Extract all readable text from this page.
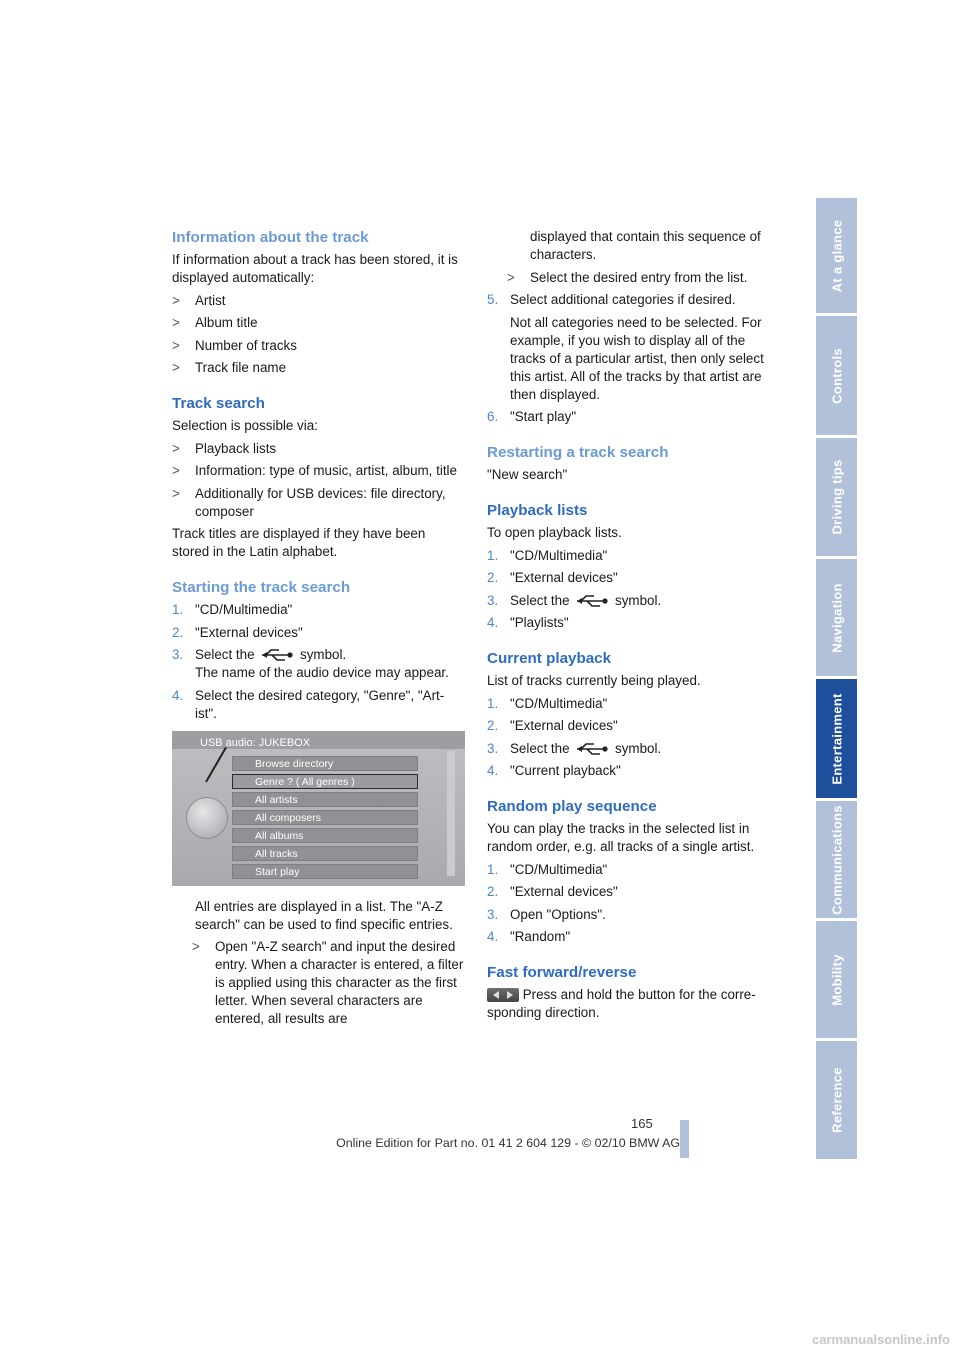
Information about the track

If information about a track has been stored, it is displayed automatically:

> Artist
> Album title
> Number of tracks
> Track file name
Track search

Selection is possible via:

> Playback lists
> Information: type of music, artist, album, title
> Additionally for USB devices: file directory, composer

Track titles are displayed if they have been stored in the Latin alphabet.

Starting the track search
1. "CD/Multimedia"
2. "External devices"
3. Select the	symbol.
The name of the audio device may appear.
4. Select the desired category, "Genre", "Art-ist".
USB audio: JUKEBOX
Browse directory
Genre ? ( All genres )
All artists
All composers
All albums
All tracks
Start play

All entries are displayed in a list. The "A-Z search" can be used to find specific entries.

> Open "A-Z search" and input the desired entry. When a character is entered, a filter is applied using this character as the first letter. When several characters are entered, all results are

displayed that contain this sequence of characters.

> Select the desired entry from the list.
5. Select additional categories if desired.

Not all categories need to be selected. For example, if you wish to display all of the tracks of a particular artist, then only select this artist. All of the tracks by that artist are then displayed.

6. "Start play"
Restarting a track search

"New search"

Playback lists

To open playback lists.

1. "CD/Multimedia"
2. "External devices"
3. Select the	symbol.
4. "Playlists"
Current playback

List of tracks currently being played.

1. "CD/Multimedia"
2. "External devices"
3. Select the	symbol.
4. "Current playback"
Random play sequence

You can play the tracks in the selected list in random order, e.g. all tracks of a single artist.

1. "CD/Multimedia"
2. "External devices"
3. Open "Options".
4. "Random"
Fast forward/reverse

Press and hold the button for the corre-sponding direction.

At a glance
Controls
Driving tips
Navigation
Entertainment
Communications
Mobility
Reference
165
Online Edition for Part no. 01 41 2 604 129 - © 02/10 BMW AG
carmanualsonline.info
